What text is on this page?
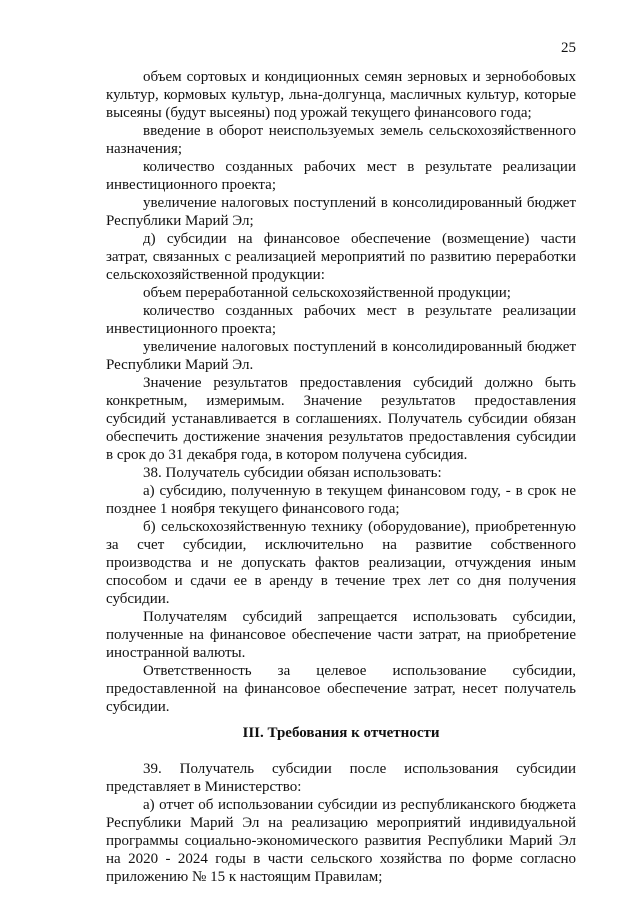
25

объем сортовых и кондиционных семян зерновых и зернобобовых культур, кормовых культур, льна-долгунца, масличных культур, которые высеяны (будут высеяны) под урожай текущего финансового года;

введение в оборот неиспользуемых земель сельскохозяйственного назначения;

количество созданных рабочих мест в результате реализации инвестиционного проекта;

увеличение налоговых поступлений в консолидированный бюджет Республики Марий Эл;

д) субсидии на финансовое обеспечение (возмещение) части затрат, связанных с реализацией мероприятий по развитию переработки сельскохозяйственной продукции:

объем переработанной сельскохозяйственной продукции;

количество созданных рабочих мест в результате реализации инвестиционного проекта;

увеличение налоговых поступлений в консолидированный бюджет Республики Марий Эл.

Значение результатов предоставления субсидий должно быть конкретным, измеримым. Значение результатов предоставления субсидий устанавливается в соглашениях. Получатель субсидии обязан обеспечить достижение значения результатов предоставления субсидии в срок до 31 декабря года, в котором получена субсидия.

38. Получатель субсидии обязан использовать:

а) субсидию, полученную в текущем финансовом году, - в срок не позднее 1 ноября текущего финансового года;

б) сельскохозяйственную технику (оборудование), приобретенную за счет субсидии, исключительно на развитие собственного производства и не допускать фактов реализации, отчуждения иным способом и сдачи ее в аренду в течение трех лет со дня получения субсидии.

Получателям субсидий запрещается использовать субсидии, полученные на финансовое обеспечение части затрат, на приобретение иностранной валюты.

Ответственность за целевое использование субсидии, предоставленной на финансовое обеспечение затрат, несет получатель субсидии.

III. Требования к отчетности

39. Получатель субсидии после использования субсидии представляет в Министерство:

а) отчет об использовании субсидии из республиканского бюджета Республики Марий Эл на реализацию мероприятий индивидуальной программы социально-экономического развития Республики Марий Эл на 2020 - 2024 годы в части сельского хозяйства по форме согласно приложению № 15 к настоящим Правилам;
